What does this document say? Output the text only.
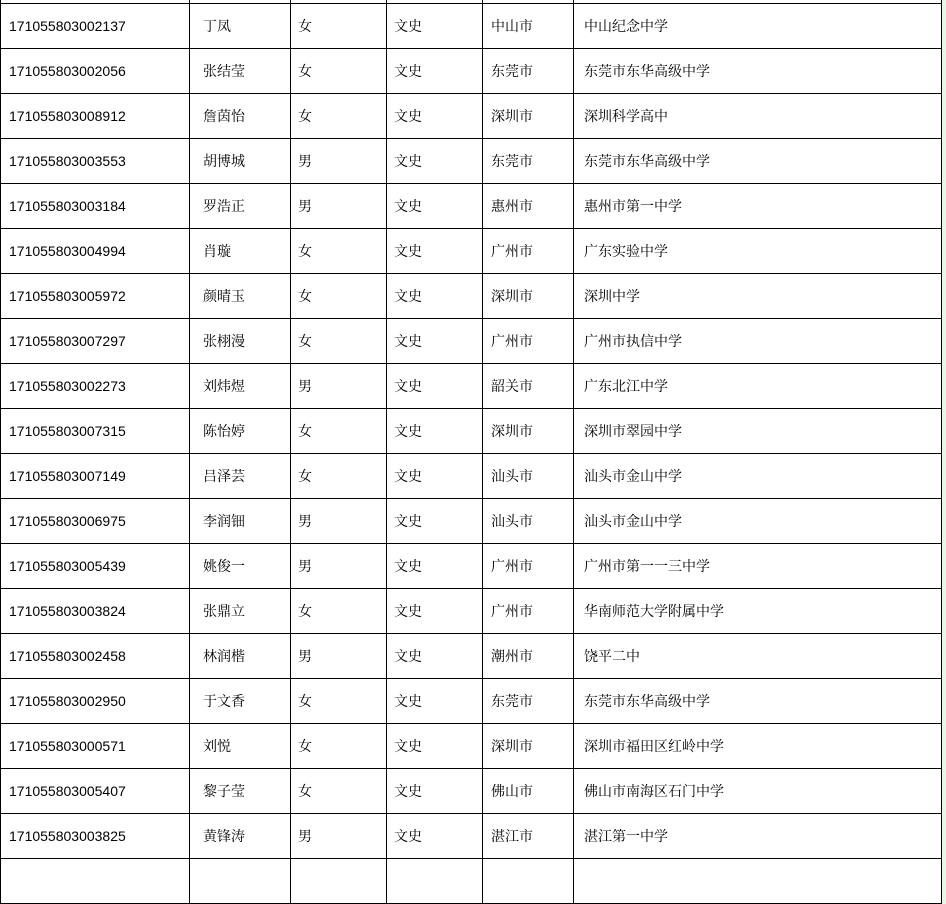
171055803002137	丁凤	女	文史	中山市	中山纪念中学
171055803002056	张结莹	女	文史	东莞市	东莞市东华高级中学
171055803008912	詹茵怡	女	文史	深圳市	深圳科学高中
171055803003553	胡博城	男	文史	东莞市	东莞市东华高级中学
171055803003184	罗浩正	男	文史	惠州市	惠州市第一中学
171055803004994	肖璇	女	文史	广州市	广东实验中学
171055803005972	颜晴玉	女	文史	深圳市	深圳中学
171055803007297	张栩漫	女	文史	广州市	广州市执信中学
171055803002273	刘炜煜	男	文史	韶关市	广东北江中学
171055803007315	陈怡婷	女	文史	深圳市	深圳市翠园中学
171055803007149	吕泽芸	女	文史	汕头市	汕头市金山中学
171055803006975	李润钿	男	文史	汕头市	汕头市金山中学
171055803005439	姚俊一	男	文史	广州市	广州市第一一三中学
171055803003824	张鼎立	女	文史	广州市	华南师范大学附属中学
171055803002458	林润楷	男	文史	潮州市	饶平二中
171055803002950	于文香	女	文史	东莞市	东莞市东华高级中学
171055803000571	刘悦	女	文史	深圳市	深圳市福田区红岭中学
171055803005407	黎子莹	女	文史	佛山市	佛山市南海区石门中学
171055803003825	黄锋涛	男	文史	湛江市	湛江第一中学
